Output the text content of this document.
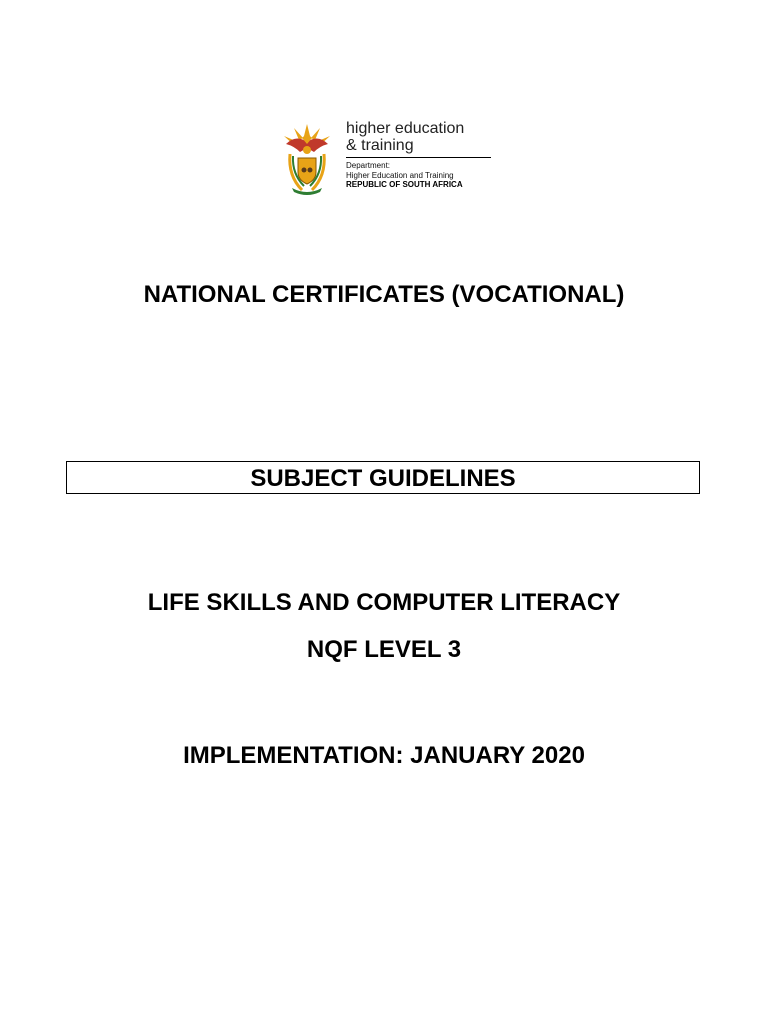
higher education
& training
Department:
Higher Education and Training
REPUBLIC OF SOUTH AFRICA
NATIONAL CERTIFICATES (VOCATIONAL)
SUBJECT GUIDELINES
LIFE SKILLS AND COMPUTER LITERACY
NQF LEVEL 3
IMPLEMENTATION: JANUARY 2020
